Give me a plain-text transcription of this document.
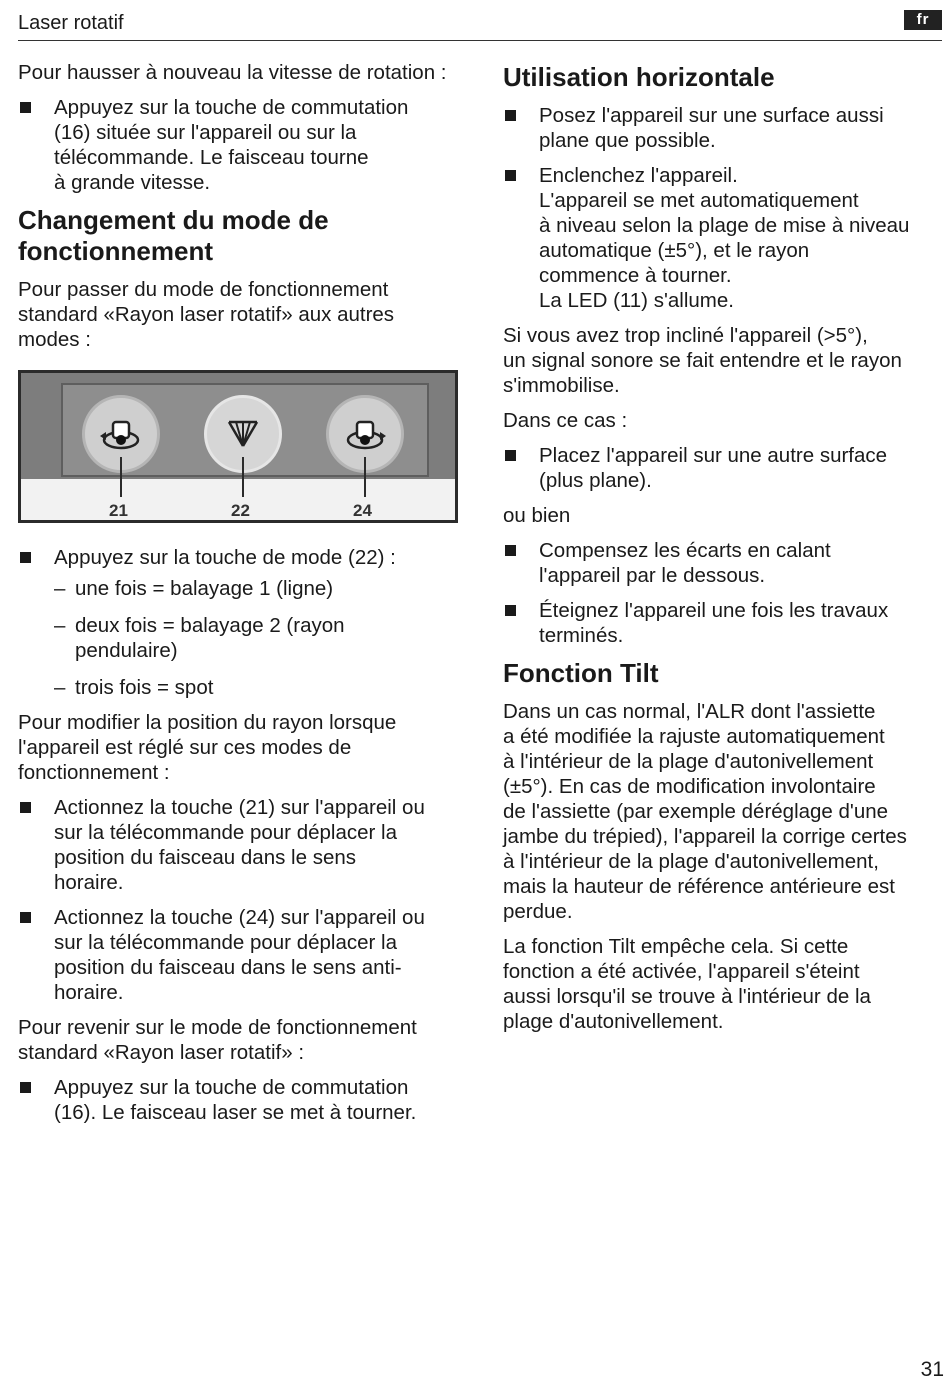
Laser rotatif	fr

Pour hausser à nouveau la vitesse de rotation :

Appuyez sur la touche de commutation
(16) située sur l'appareil ou sur la
télécommande. Le faisceau tourne
à grande vitesse.
Changement du mode de
fonctionnement

Pour passer du mode de fonctionnement
standard «Rayon laser rotatif» aux autres
modes :

21	22	24
Appuyez sur la touche de mode (22) :
– une fois = balayage 1 (ligne)
– deux fois = balayage 2 (rayon
pendulaire)
– trois fois = spot

Pour modifier la position du rayon lorsque
l'appareil est réglé sur ces modes de
fonctionnement :

Actionnez la touche (21) sur l'appareil ou
sur la télécommande pour déplacer la
position du faisceau dans le sens
horaire.
Actionnez la touche (24) sur l'appareil ou
sur la télécommande pour déplacer la
position du faisceau dans le sens anti-
horaire.

Pour revenir sur le mode de fonctionnement
standard «Rayon laser rotatif» :

Appuyez sur la touche de commutation
(16). Le faisceau laser se met à tourner.
Utilisation horizontale
Posez l'appareil sur une surface aussi
plane que possible.
Enclenchez l'appareil.
L'appareil se met automatiquement
à niveau selon la plage de mise à niveau
automatique (±5°), et le rayon
commence à tourner.
La LED (11) s'allume.

Si vous avez trop incliné l'appareil (>5°),
un signal sonore se fait entendre et le rayon
s'immobilise.

Dans ce cas :

Placez l'appareil sur une autre surface
(plus plane).

ou bien

Compensez les écarts en calant
l'appareil par le dessous.
Éteignez l'appareil une fois les travaux
terminés.
Fonction Tilt

Dans un cas normal, l'ALR dont l'assiette
a été modifiée la rajuste automatiquement
à l'intérieur de la plage d'autonivellement
(±5°). En cas de modification involontaire
de l'assiette (par exemple déréglage d'une
jambe du trépied), l'appareil la corrige certes
à l'intérieur de la plage d'autonivellement,
mais la hauteur de référence antérieure est
perdue.

La fonction Tilt empêche cela. Si cette
fonction a été activée, l'appareil s'éteint
aussi lorsqu'il se trouve à l'intérieur de la
plage d'autonivellement.

31
